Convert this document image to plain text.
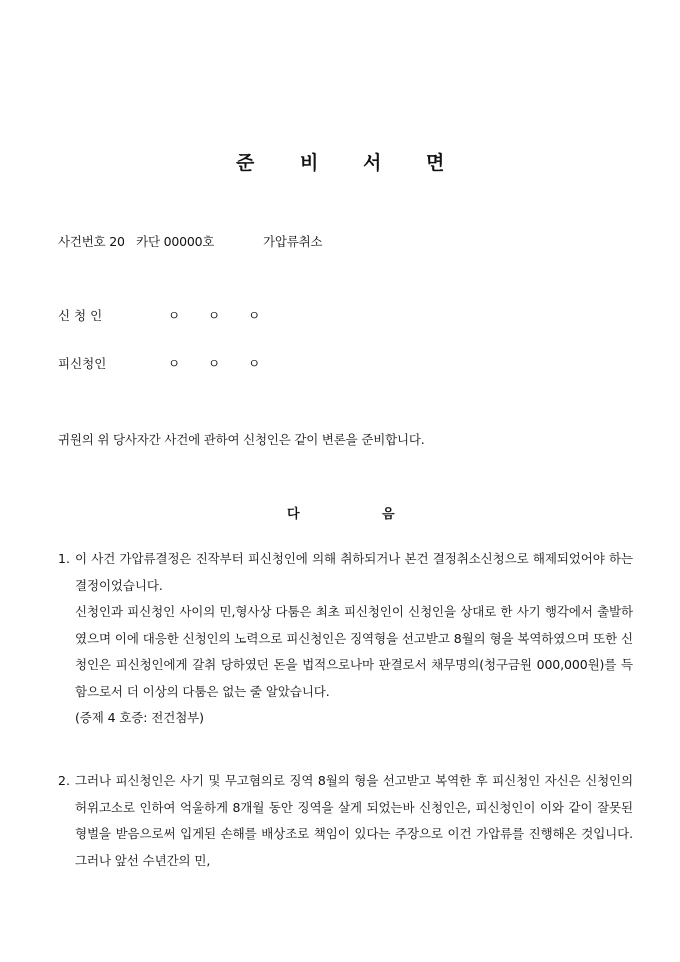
준 비 서 면
사건번호 20 카단 00000호	가압류취소
신 청 인	ㅇ ㅇ ㅇ
피신청인	ㅇ ㅇ ㅇ
귀원의 위 당사자간 사건에 관하여 신청인은 같이 변론을 준비합니다.
다	음
1. 이 사건 가압류결정은 진작부터 피신청인에 의해 취하되거나 본건 결정취소신청으로 해제되었어야 하는 결정이었습니다.
신청인과 피신청인 사이의 민,형사상 다툼은 최초 피신청인이 신청인을 상대로 한 사기 행각에서 출발하였으며 이에 대응한 신청인의 노력으로 피신청인은 징역형을 선고받고 8월의 형을 복역하였으며 또한 신청인은 피신청인에게 갈취 당하였던 돈을 법적으로나마 판결로서 채무명의(청구금원 000,000원)를 득함으로서 더 이상의 다툼은 없는 줄 알았습니다.
(증제 4 호증: 전건첨부)
2. 그러나 피신청인은 사기 및 무고혐의로 징역 8월의 형을 선고받고 복역한 후 피신청인 자신은 신청인의 허위고소로 인하여 억울하게 8개월 동안 징역을 살게 되었는바 신청인은, 피신청인이 이와 같이 잘못된 형벌을 받음으로써 입게된 손해를 배상조로 책임이 있다는 주장으로 이건 가압류를 진행해온 것입니다. 그러나 앞선 수년간의 민,
